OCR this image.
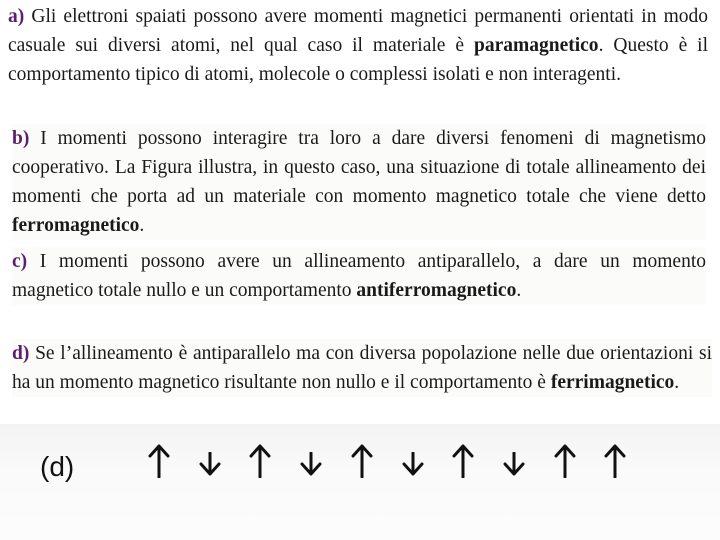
a) Gli elettroni spaiati possono avere momenti magnetici permanenti orientati in modo casuale sui diversi atomi, nel qual caso il materiale è paramagnetico. Questo è il comportamento tipico di atomi, molecole o complessi isolati e non interagenti.

b) I momenti possono interagire tra loro a dare diversi fenomeni di magnetismo cooperativo. La Figura illustra, in questo caso, una situazione di totale allineamento dei momenti che porta ad un materiale con momento magnetico totale che viene detto ferromagnetico.

c) I momenti possono avere un allineamento antiparallelo, a dare un momento magnetico totale nullo e un comportamento antiferromagnetico.

d) Se l’allineamento è antiparallelo ma con diversa popolazione nelle due orientazioni si ha un momento magnetico risultante non nullo e il comportamento è ferrimagnetico.

(d)
